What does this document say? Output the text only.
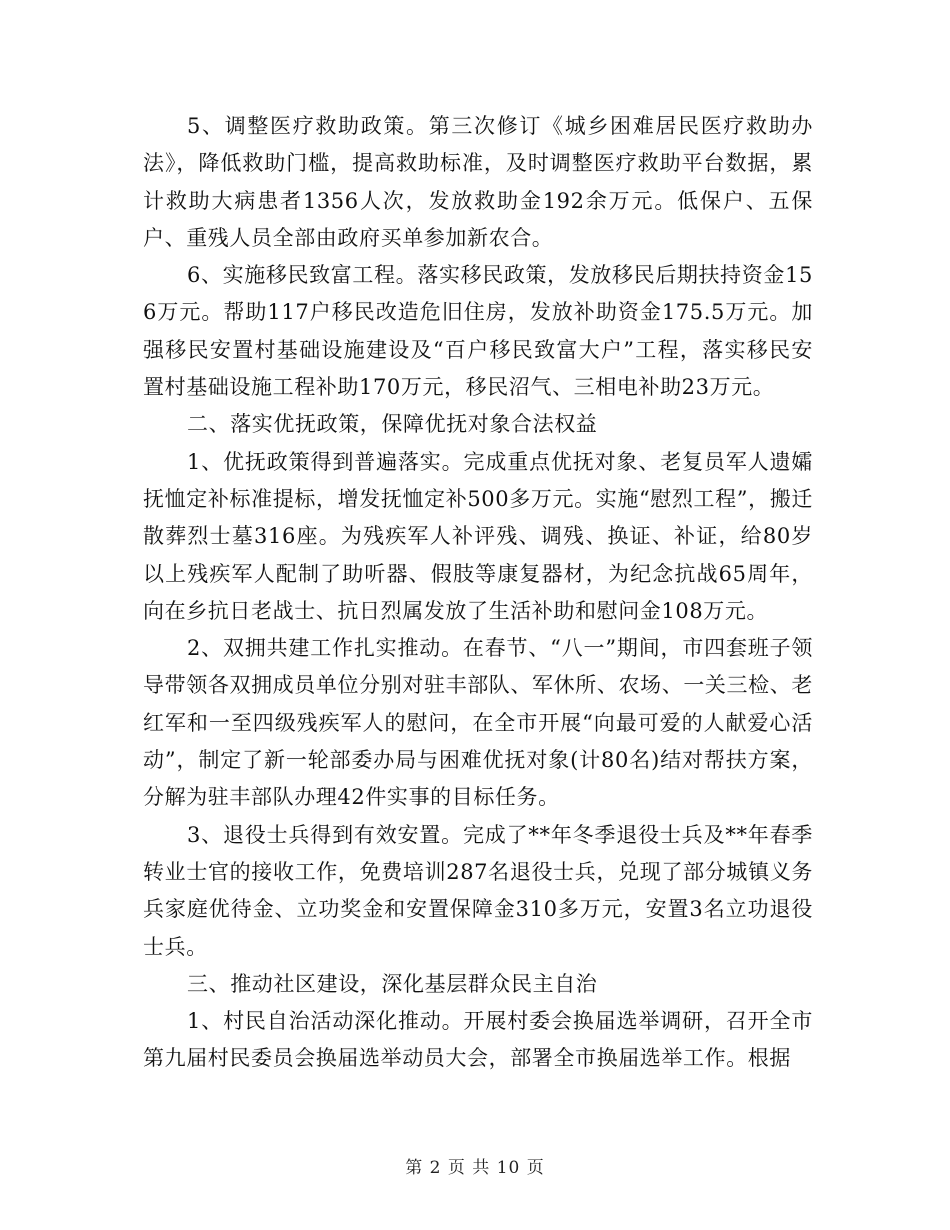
5、调整医疗救助政策。第三次修订《城乡困难居民医疗救助办法》，降低救助门槛，提高救助标准，及时调整医疗救助平台数据，累计救助大病患者1356人次，发放救助金192余万元。低保户、五保户、重残人员全部由政府买单参加新农合。

6、实施移民致富工程。落实移民政策，发放移民后期扶持资金156万元。帮助117户移民改造危旧住房，发放补助资金175.5万元。加强移民安置村基础设施建设及“百户移民致富大户”工程，落实移民安置村基础设施工程补助170万元，移民沼气、三相电补助23万元。

二、落实优抚政策，保障优抚对象合法权益

1、优抚政策得到普遍落实。完成重点优抚对象、老复员军人遗孀抚恤定补标准提标，增发抚恤定补500多万元。实施“慰烈工程”，搬迁散葬烈士墓316座。为残疾军人补评残、调残、换证、补证，给80岁以上残疾军人配制了助听器、假肢等康复器材，为纪念抗战65周年，向在乡抗日老战士、抗日烈属发放了生活补助和慰问金108万元。

2、双拥共建工作扎实推动。在春节、“八一”期间，市四套班子领导带领各双拥成员单位分别对驻丰部队、军休所、农场、一关三检、老红军和一至四级残疾军人的慰问，在全市开展“向最可爱的人献爱心活动”，制定了新一轮部委办局与困难优抚对象(计80名)结对帮扶方案，分解为驻丰部队办理42件实事的目标任务。

3、退役士兵得到有效安置。完成了**年冬季退役士兵及**年春季转业士官的接收工作，免费培训287名退役士兵，兑现了部分城镇义务兵家庭优待金、立功奖金和安置保障金310多万元，安置3名立功退役士兵。

三、推动社区建设，深化基层群众民主自治

1、村民自治活动深化推动。开展村委会换届选举调研，召开全市第九届村民委员会换届选举动员大会，部署全市换届选举工作。根据

第 2 页 共 10 页
